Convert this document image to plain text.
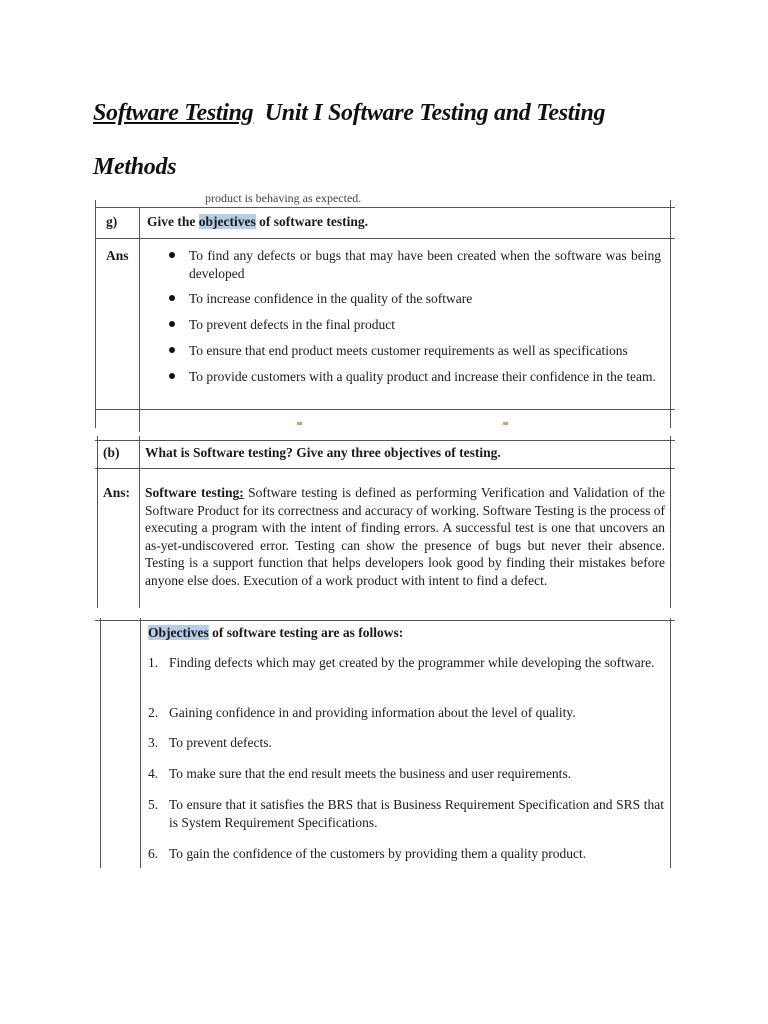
Software Testing Unit I Software Testing and Testing
Methods
product is behaving as expected.
g) Give the objectives of software testing.
Ans	To find any defects or bugs that may have been created when the software was being developed
To increase confidence in the quality of the software
To prevent defects in the final product
To ensure that end product meets customer requirements as well as specifications
To provide customers with a quality product and increase their confidence in the team.
(b) What is Software testing? Give any three objectives of testing.
Ans: Software testing: Software testing is defined as performing Verification and Validation of the Software Product for its correctness and accuracy of working. Software Testing is the process of executing a program with the intent of finding errors. A successful test is one that uncovers an as-yet-undiscovered error. Testing can show the presence of bugs but never their absence. Testing is a support function that helps developers look good by finding their mistakes before anyone else does. Execution of a work product with intent to find a defect.
Objectives of software testing are as follows:
1. Finding defects which may get created by the programmer while developing the software.
2. Gaining confidence in and providing information about the level of quality.
3. To prevent defects.
4. To make sure that the end result meets the business and user requirements.
5. To ensure that it satisfies the BRS that is Business Requirement Specification and SRS that is System Requirement Specifications.
6. To gain the confidence of the customers by providing them a quality product.
